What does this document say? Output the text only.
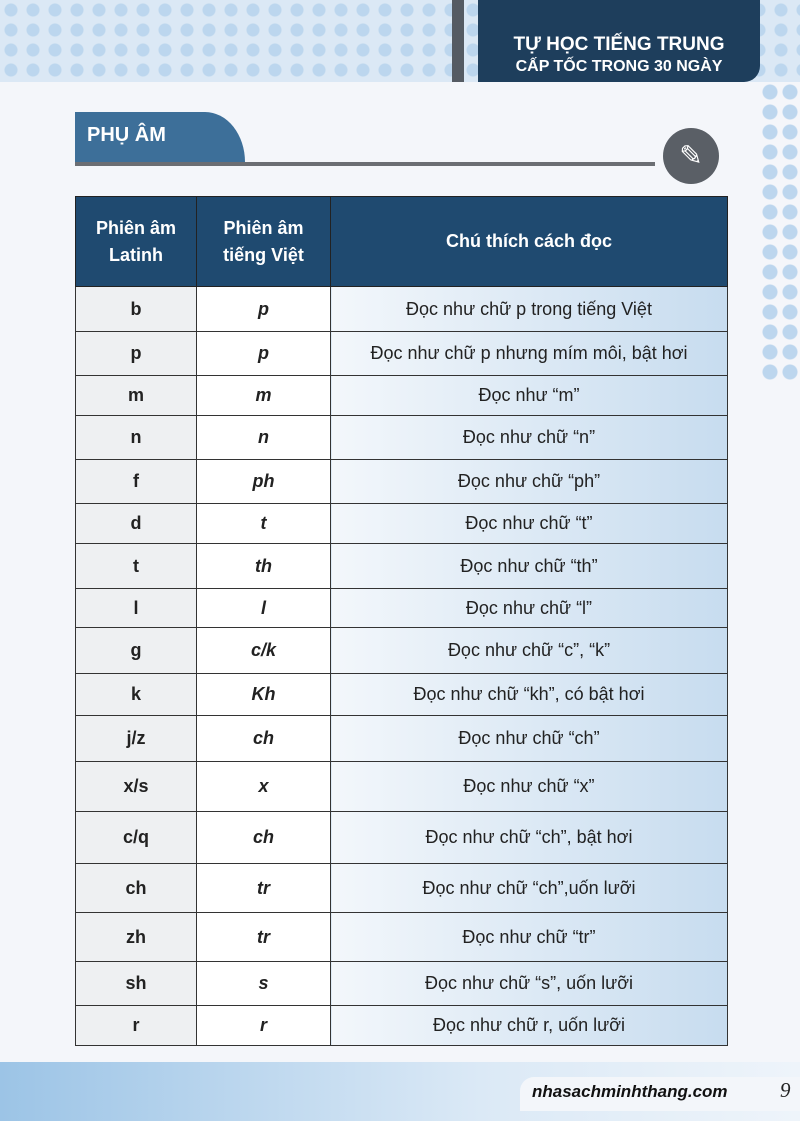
TỰ HỌC TIẾNG TRUNG
CẤP TỐC TRONG 30 NGÀY
PHỤ ÂM
✎
Phiên âm Latinh	Phiên âm tiếng Việt	Chú thích cách đọc
b	p	Đọc như chữ p trong tiếng Việt
p	p	Đọc như chữ p nhưng mím môi, bật hơi
m	m	Đọc như “m”
n	n	Đọc như chữ “n”
f	ph	Đọc như chữ “ph”
d	t	Đọc như chữ “t”
t	th	Đọc như chữ “th”
l	l	Đọc như chữ “l”
g	c/k	Đọc như chữ “c”, “k”
k	Kh	Đọc như chữ “kh”, có bật hơi
j/z	ch	Đọc như chữ “ch”
x/s	x	Đọc như chữ “x”
c/q	ch	Đọc như chữ “ch”, bật hơi
ch	tr	Đọc như chữ “ch”,uốn lưỡi
zh	tr	Đọc như chữ “tr”
sh	s	Đọc như chữ “s”, uốn lưỡi
r	r	Đọc như chữ r, uốn lưỡi
nhasachminhthang.com 9
